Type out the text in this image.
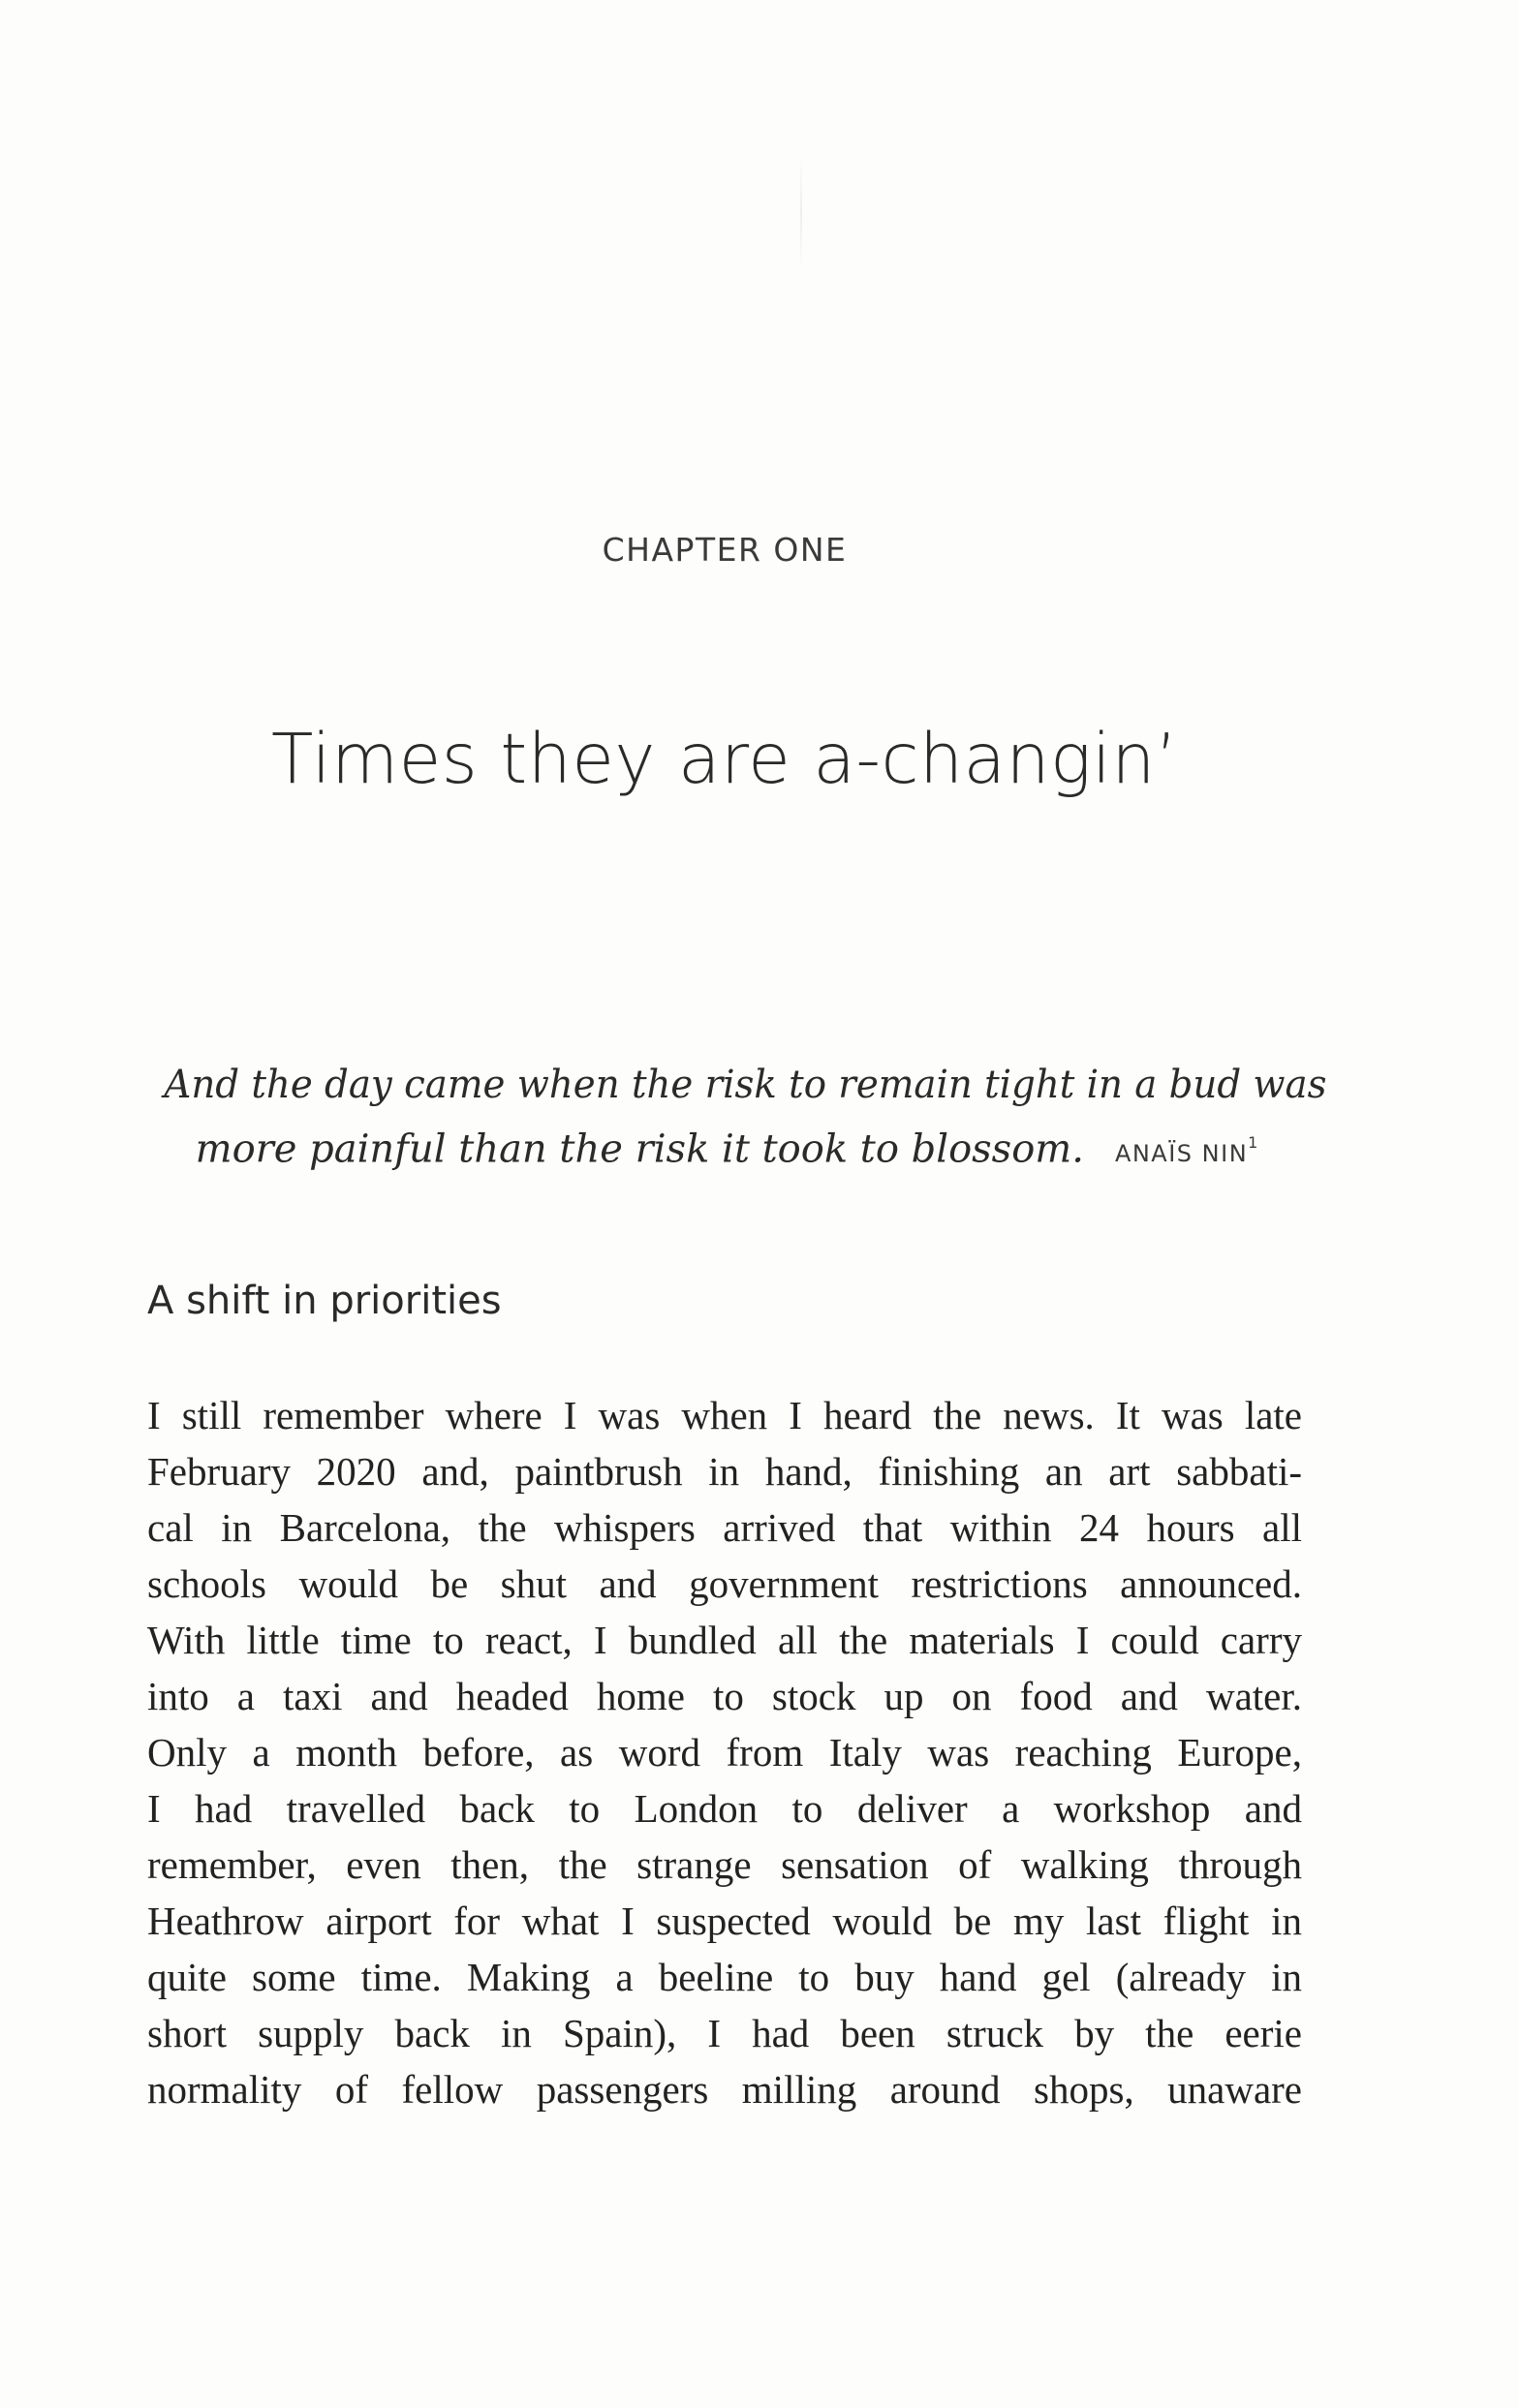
CHAPTER ONE
Times they are a-changin’
And the day came when the risk to remain tight in a bud was
more painful than the risk it took to blossom. ANAÏS NIN$^1$
A shift in priorities
I still remember where I was when I heard the news. It was late
February 2020 and, paintbrush in hand, finishing an art sabbati-
cal in Barcelona, the whispers arrived that within 24 hours all
schools would be shut and government restrictions announced.
With little time to react, I bundled all the materials I could carry
into a taxi and headed home to stock up on food and water.
Only a month before, as word from Italy was reaching Europe,
I had travelled back to London to deliver a workshop and
remember, even then, the strange sensation of walking through
Heathrow airport for what I suspected would be my last flight in
quite some time. Making a beeline to buy hand gel (already in
short supply back in Spain), I had been struck by the eerie
normality of fellow passengers milling around shops, unaware
